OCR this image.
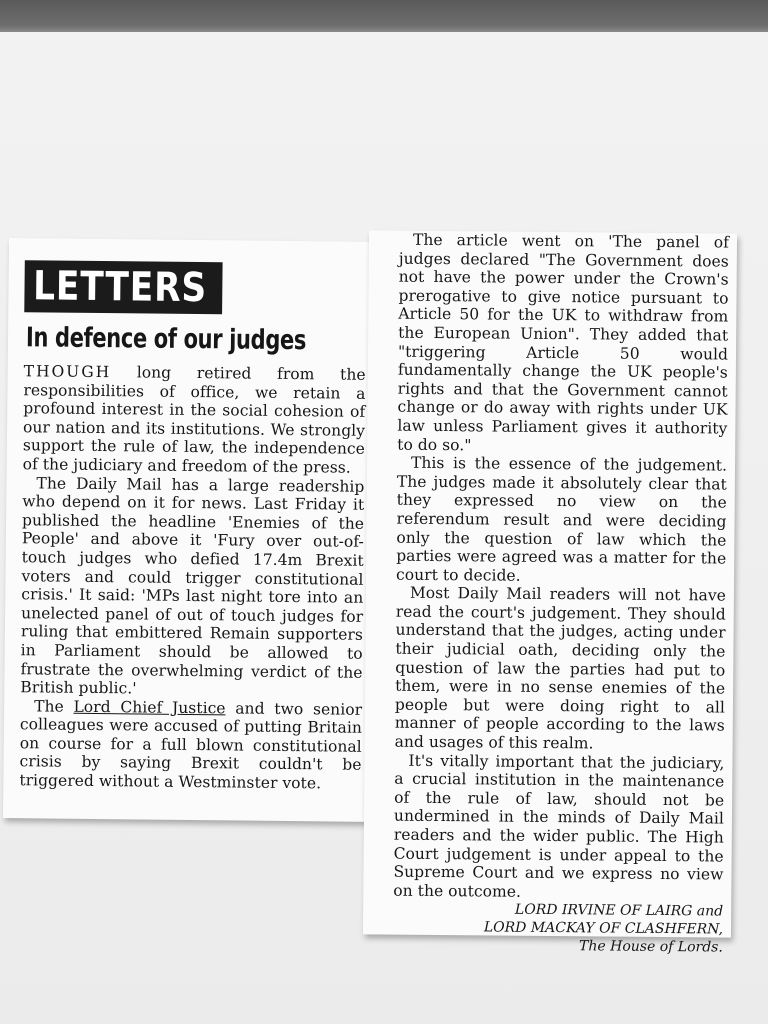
LETTERS
In defence of our judges

THOUGH long retired from the responsibilities of office, we retain a profound interest in the social cohesion of our nation and its institutions. We strongly support the rule of law, the independence of the judiciary and freedom of the press.

The Daily Mail has a large readership who depend on it for news. Last Friday it published the headline 'Enemies of the People' and above it 'Fury over out-of-touch judges who defied 17.4m Brexit voters and could trigger constitutional crisis.' It said: 'MPs last night tore into an unelected panel of out of touch judges for ruling that embittered Remain supporters in Parliament should be allowed to frustrate the overwhelming verdict of the British public.'

The Lord Chief Justice and two senior colleagues were accused of putting Britain on course for a full blown constitutional crisis by saying Brexit couldn't be triggered without a Westminster vote.

The article went on 'The panel of judges declared "The Government does not have the power under the Crown's prerogative to give notice pursuant to Article 50 for the UK to withdraw from the European Union". They added that "triggering Article 50 would fundamentally change the UK people's rights and that the Government cannot change or do away with rights under UK law unless Parliament gives it authority to do so."

This is the essence of the judgement. The judges made it absolutely clear that they expressed no view on the referendum result and were deciding only the question of law which the parties were agreed was a matter for the court to decide.

Most Daily Mail readers will not have read the court's judgement. They should understand that the judges, acting under their judicial oath, deciding only the question of law the parties had put to them, were in no sense enemies of the people but were doing right to all manner of people according to the laws and usages of this realm.

It's vitally important that the judiciary, a crucial institution in the maintenance of the rule of law, should not be undermined in the minds of Daily Mail readers and the wider public. The High Court judgement is under appeal to the Supreme Court and we express no view on the outcome.

LORD IRVINE OF LAIRG and

LORD MACKAY OF CLASHFERN,

The House of Lords.
